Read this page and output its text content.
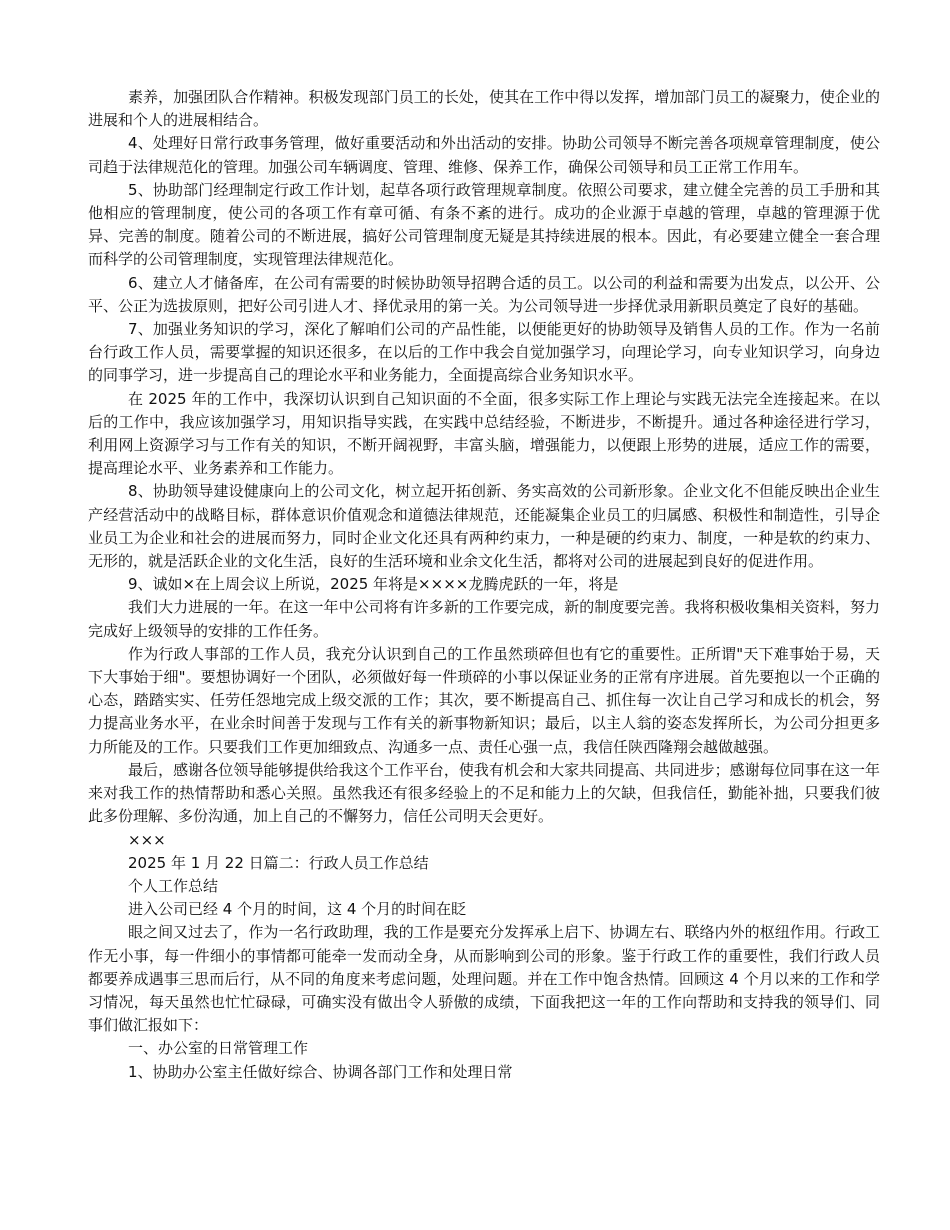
素养，加强团队合作精神。积极发现部门员工的长处，使其在工作中得以发挥，增加部门员工的凝聚力，使企业的进展和个人的进展相结合。

4、处理好日常行政事务管理，做好重要活动和外出活动的安排。协助公司领导不断完善各项规章管理制度，使公司趋于法律规范化的管理。加强公司车辆调度、管理、维修、保养工作，确保公司领导和员工正常工作用车。

5、协助部门经理制定行政工作计划，起草各项行政管理规章制度。依照公司要求，建立健全完善的员工手册和其他相应的管理制度，使公司的各项工作有章可循、有条不紊的进行。成功的企业源于卓越的管理，卓越的管理源于优异、完善的制度。随着公司的不断进展，搞好公司管理制度无疑是其持续进展的根本。因此，有必要建立健全一套合理而科学的公司管理制度，实现管理法律规范化。

6、建立人才储备库，在公司有需要的时候协助领导招聘合适的员工。以公司的利益和需要为出发点，以公开、公平、公正为选拔原则，把好公司引进人才、择优录用的第一关。为公司领导进一步择优录用新职员奠定了良好的基础。

7、加强业务知识的学习，深化了解咱们公司的产品性能，以便能更好的协助领导及销售人员的工作。作为一名前台行政工作人员，需要掌握的知识还很多，在以后的工作中我会自觉加强学习，向理论学习，向专业知识学习，向身边的同事学习，进一步提高自己的理论水平和业务能力，全面提高综合业务知识水平。

在 2025 年的工作中，我深切认识到自己知识面的不全面，很多实际工作上理论与实践无法完全连接起来。在以后的工作中，我应该加强学习，用知识指导实践，在实践中总结经验，不断进步，不断提升。通过各种途径进行学习，利用网上资源学习与工作有关的知识，不断开阔视野，丰富头脑，增强能力，以便跟上形势的进展，适应工作的需要，提高理论水平、业务素养和工作能力。

8、协助领导建设健康向上的公司文化，树立起开拓创新、务实高效的公司新形象。企业文化不但能反映出企业生产经营活动中的战略目标，群体意识价值观念和道德法律规范，还能凝集企业员工的归属感、积极性和制造性，引导企业员工为企业和社会的进展而努力，同时企业文化还具有两种约束力，一种是硬的约束力、制度，一种是软的约束力、无形的，就是活跃企业的文化生活，良好的生活环境和业余文化生活，都将对公司的进展起到良好的促进作用。

9、诚如×在上周会议上所说，2025 年将是××××龙腾虎跃的一年，将是

我们大力进展的一年。在这一年中公司将有许多新的工作要完成，新的制度要完善。我将积极收集相关资料，努力完成好上级领导的安排的工作任务。

作为行政人事部的工作人员，我充分认识到自己的工作虽然琐碎但也有它的重要性。正所谓"天下难事始于易，天下大事始于细"。要想协调好一个团队，必须做好每一件琐碎的小事以保证业务的正常有序进展。首先要抱以一个正确的心态，踏踏实实、任劳任怨地完成上级交派的工作；其次，要不断提高自己、抓住每一次让自己学习和成长的机会，努力提高业务水平，在业余时间善于发现与工作有关的新事物新知识；最后，以主人翁的姿态发挥所长，为公司分担更多力所能及的工作。只要我们工作更加细致点、沟通多一点、责任心强一点，我信任陕西隆翔会越做越强。

最后，感谢各位领导能够提供给我这个工作平台，使我有机会和大家共同提高、共同进步；感谢每位同事在这一年来对我工作的热情帮助和悉心关照。虽然我还有很多经验上的不足和能力上的欠缺，但我信任，勤能补拙，只要我们彼此多份理解、多份沟通，加上自己的不懈努力，信任公司明天会更好。

×××

2025 年 1 月 22 日篇二：行政人员工作总结

个人工作总结

进入公司已经 4 个月的时间，这 4 个月的时间在眨

眼之间又过去了，作为一名行政助理，我的工作是要充分发挥承上启下、协调左右、联络内外的枢纽作用。行政工作无小事，每一件细小的事情都可能牵一发而动全身，从而影响到公司的形象。鉴于行政工作的重要性，我们行政人员都要养成遇事三思而后行，从不同的角度来考虑问题，处理问题。并在工作中饱含热情。回顾这 4 个月以来的工作和学习情况，每天虽然也忙忙碌碌，可确实没有做出令人骄傲的成绩，下面我把这一年的工作向帮助和支持我的领导们、同事们做汇报如下：

一、办公室的日常管理工作

1、协助办公室主任做好综合、协调各部门工作和处理日常
